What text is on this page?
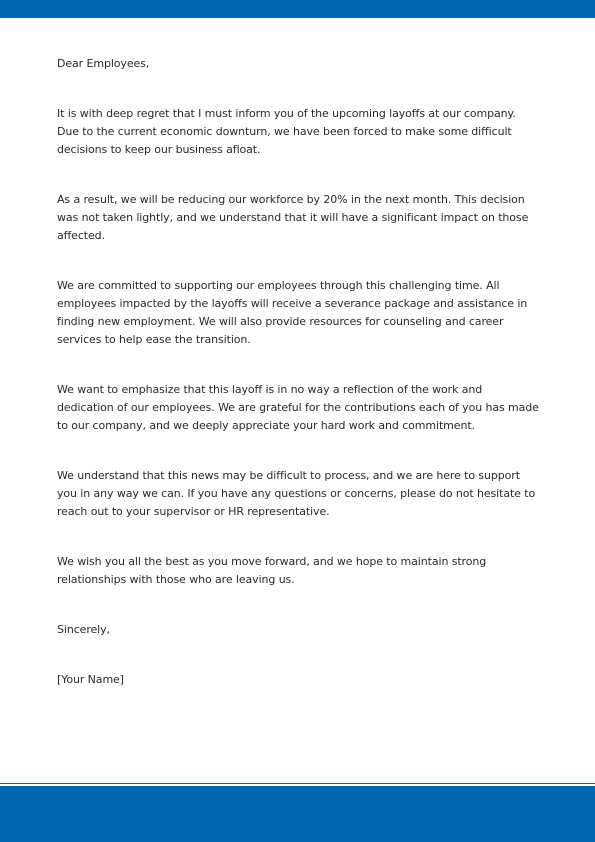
Dear Employees,

It is with deep regret that I must inform you of the upcoming layoffs at our company. Due to the current economic downturn, we have been forced to make some difficult decisions to keep our business afloat.

As a result, we will be reducing our workforce by 20% in the next month. This decision was not taken lightly, and we understand that it will have a significant impact on those affected.

We are committed to supporting our employees through this challenging time. All employees impacted by the layoffs will receive a severance package and assistance in finding new employment. We will also provide resources for counseling and career services to help ease the transition.

We want to emphasize that this layoff is in no way a reflection of the work and dedication of our employees. We are grateful for the contributions each of you has made to our company, and we deeply appreciate your hard work and commitment.

We understand that this news may be difficult to process, and we are here to support you in any way we can. If you have any questions or concerns, please do not hesitate to reach out to your supervisor or HR representative.

We wish you all the best as you move forward, and we hope to maintain strong relationships with those who are leaving us.

Sincerely,

[Your Name]
